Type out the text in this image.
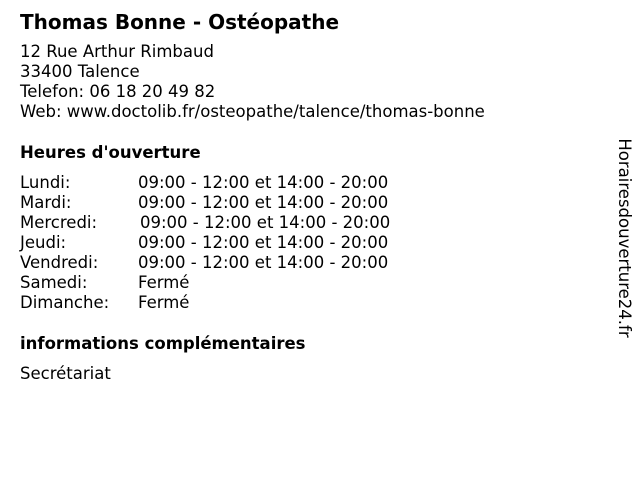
Thomas Bonne - Ostéopathe
12 Rue Arthur Rimbaud
33400 Talence
Telefon: 06 18 20 49 82
Web: www.doctolib.fr/osteopathe/talence/thomas-bonne
Heures d'ouverture
Lundi:	09:00 - 12:00 et 14:00 - 20:00
Mardi:	09:00 - 12:00 et 14:00 - 20:00
Mercredi:	09:00 - 12:00 et 14:00 - 20:00
Jeudi:	09:00 - 12:00 et 14:00 - 20:00
Vendredi:	09:00 - 12:00 et 14:00 - 20:00
Samedi:	Fermé
Dimanche:	Fermé
informations complémentaires
Secrétariat
Horairesdouverture24.fr
